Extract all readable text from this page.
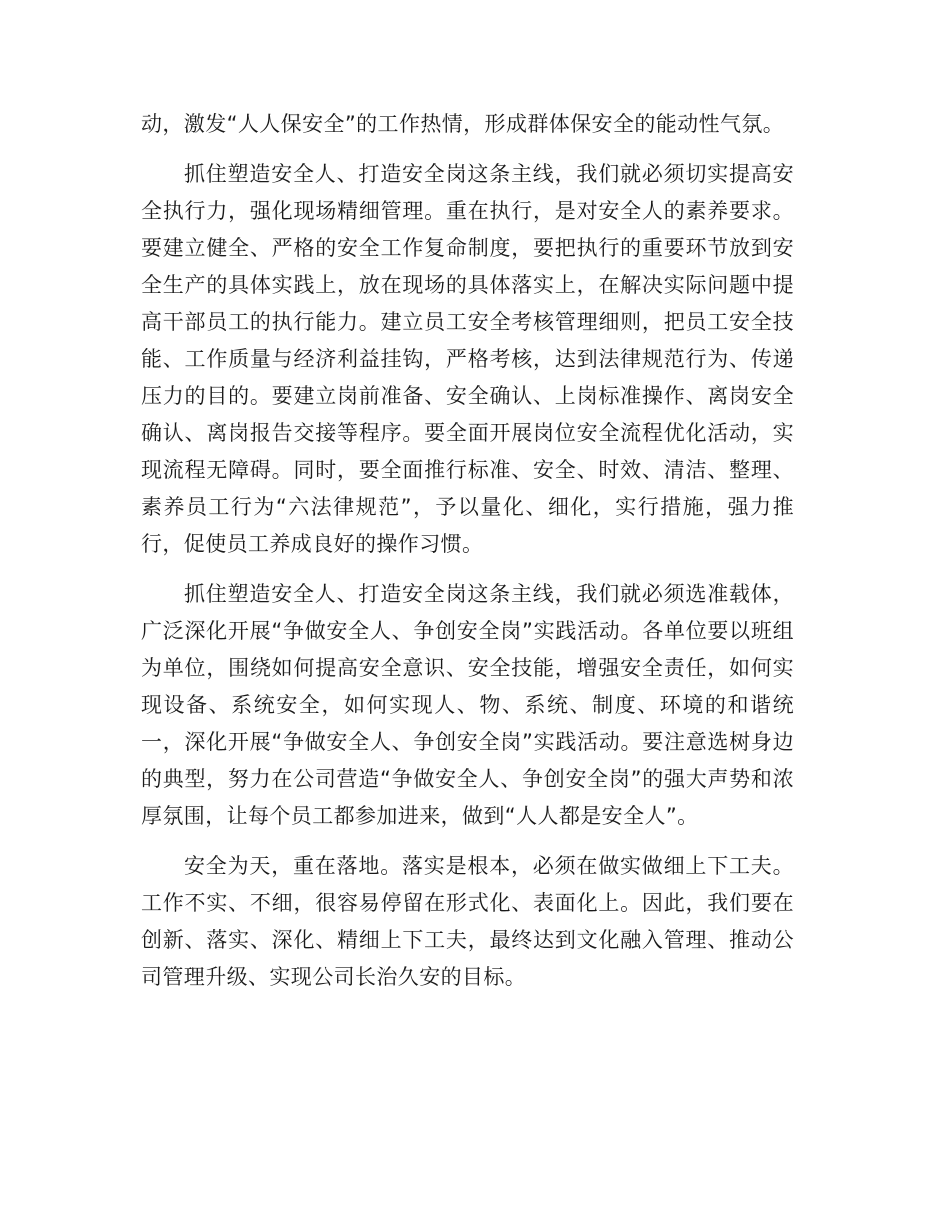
动，激发“人人保安全”的工作热情，形成群体保安全的能动性气氛。

抓住塑造安全人、打造安全岗这条主线，我们就必须切实提高安全执行力，强化现场精细管理。重在执行，是对安全人的素养要求。要建立健全、严格的安全工作复命制度，要把执行的重要环节放到安全生产的具体实践上，放在现场的具体落实上，在解决实际问题中提高干部员工的执行能力。建立员工安全考核管理细则，把员工安全技能、工作质量与经济利益挂钩，严格考核，达到法律规范行为、传递压力的目的。要建立岗前准备、安全确认、上岗标准操作、离岗安全确认、离岗报告交接等程序。要全面开展岗位安全流程优化活动，实现流程无障碍。同时，要全面推行标准、安全、时效、清洁、整理、素养员工行为“六法律规范”，予以量化、细化，实行措施，强力推行，促使员工养成良好的操作习惯。

抓住塑造安全人、打造安全岗这条主线，我们就必须选准载体，广泛深化开展“争做安全人、争创安全岗”实践活动。各单位要以班组为单位，围绕如何提高安全意识、安全技能，增强安全责任，如何实现设备、系统安全，如何实现人、物、系统、制度、环境的和谐统一，深化开展“争做安全人、争创安全岗”实践活动。要注意选树身边的典型，努力在公司营造“争做安全人、争创安全岗”的强大声势和浓厚氛围，让每个员工都参加进来，做到“人人都是安全人”。

安全为天，重在落地。落实是根本，必须在做实做细上下工夫。工作不实、不细，很容易停留在形式化、表面化上。因此，我们要在创新、落实、深化、精细上下工夫，最终达到文化融入管理、推动公司管理升级、实现公司长治久安的目标。
